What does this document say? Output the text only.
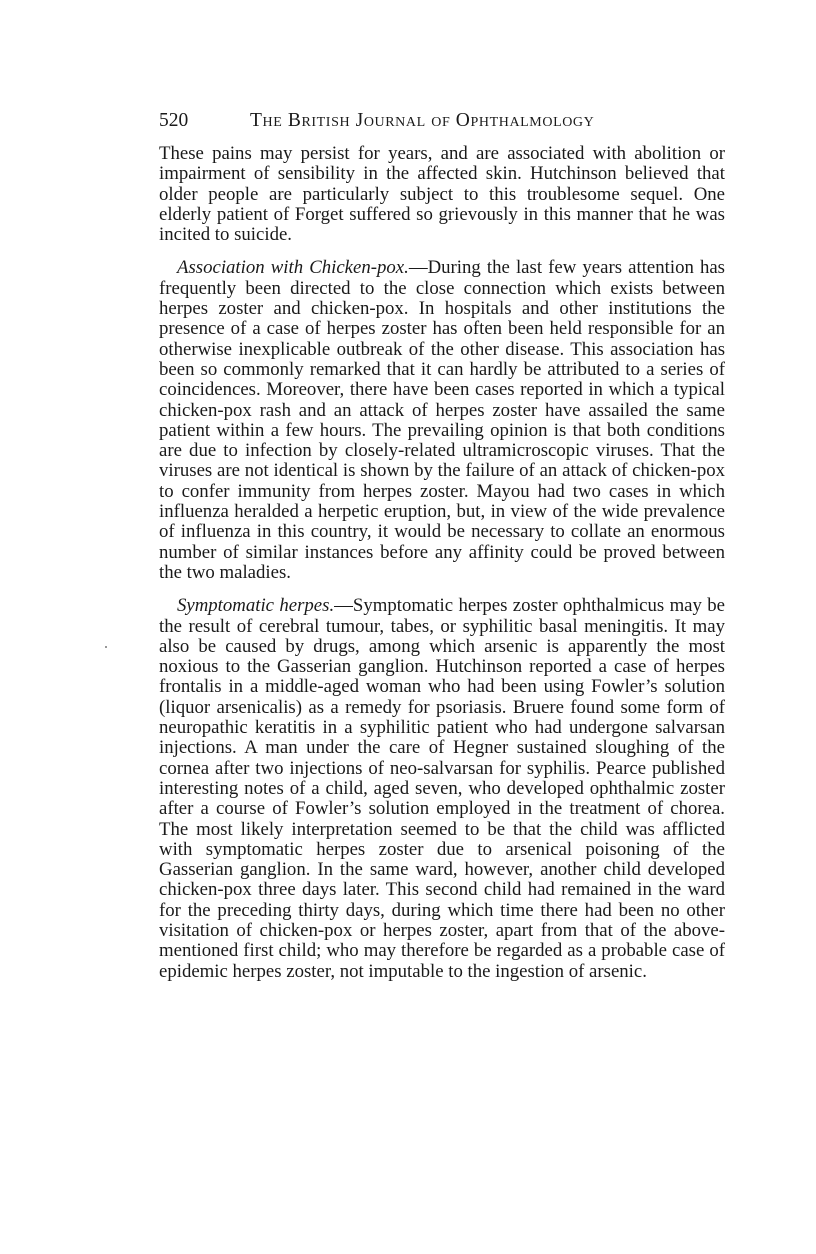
520	The British Journal of Ophthalmology

These pains may persist for years, and are associated with abolition or impairment of sensibility in the affected skin. Hutchinson believed that older people are particularly subject to this troublesome sequel. One elderly patient of Forget suffered so grievously in this manner that he was incited to suicide.

Association with Chicken-pox.—During the last few years attention has frequently been directed to the close connection which exists between herpes zoster and chicken-pox. In hospitals and other institutions the presence of a case of herpes zoster has often been held responsible for an otherwise inexplicable outbreak of the other disease. This association has been so commonly remarked that it can hardly be attributed to a series of coincidences. Moreover, there have been cases reported in which a typical chicken-pox rash and an attack of herpes zoster have assailed the same patient within a few hours. The prevailing opinion is that both conditions are due to infection by closely-related ultramicroscopic viruses. That the viruses are not identical is shown by the failure of an attack of chicken-pox to confer immunity from herpes zoster. Mayou had two cases in which influenza heralded a herpetic eruption, but, in view of the wide prevalence of influenza in this country, it would be necessary to collate an enormous number of similar instances before any affinity could be proved between the two maladies.

Symptomatic herpes.—Symptomatic herpes zoster ophthalmicus may be the result of cerebral tumour, tabes, or syphilitic basal meningitis. It may also be caused by drugs, among which arsenic is apparently the most noxious to the Gasserian ganglion. Hutchinson reported a case of herpes frontalis in a middle-aged woman who had been using Fowler’s solution (liquor arsenicalis) as a remedy for psoriasis. Bruere found some form of neuropathic keratitis in a syphilitic patient who had undergone salvarsan injections. A man under the care of Hegner sustained sloughing of the cornea after two injections of neo-salvarsan for syphilis. Pearce published interesting notes of a child, aged seven, who developed ophthalmic zoster after a course of Fowler’s solution employed in the treatment of chorea. The most likely interpretation seemed to be that the child was afflicted with symptomatic herpes zoster due to arsenical poisoning of the Gasserian ganglion. In the same ward, however, another child developed chicken-pox three days later. This second child had remained in the ward for the preceding thirty days, during which time there had been no other visitation of chicken-pox or herpes zoster, apart from that of the above-mentioned first child; who may therefore be regarded as a probable case of epidemic herpes zoster, not imputable to the ingestion of arsenic.
